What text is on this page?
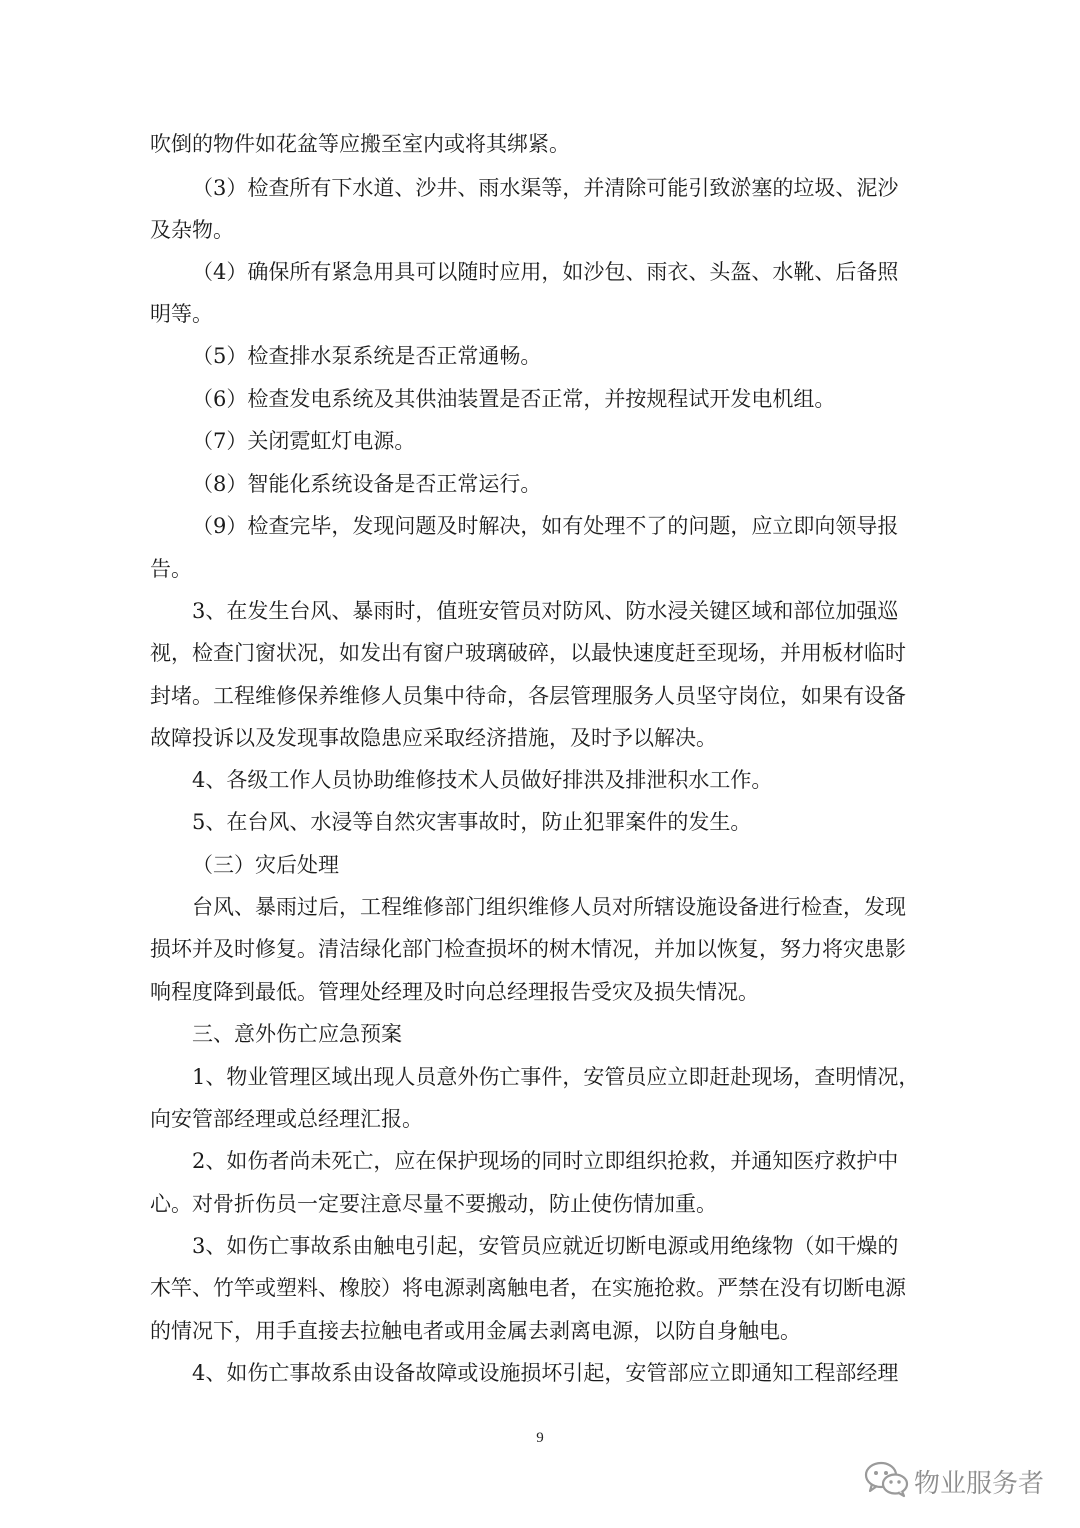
吹倒的物件如花盆等应搬至室内或将其绑紧。
（3）检查所有下水道、沙井、雨水渠等，并清除可能引致淤塞的垃圾、泥沙
及杂物。
（4）确保所有紧急用具可以随时应用，如沙包、雨衣、头盔、水靴、后备照
明等。
（5）检查排水泵系统是否正常通畅。
（6）检查发电系统及其供油装置是否正常，并按规程试开发电机组。
（7）关闭霓虹灯电源。
（8）智能化系统设备是否正常运行。
（9）检查完毕，发现问题及时解决，如有处理不了的问题，应立即向领导报
告。
3、在发生台风、暴雨时，值班安管员对防风、防水浸关键区域和部位加强巡
视，检查门窗状况，如发出有窗户玻璃破碎，以最快速度赶至现场，并用板材临时
封堵。工程维修保养维修人员集中待命，各层管理服务人员坚守岗位，如果有设备
故障投诉以及发现事故隐患应采取经济措施，及时予以解决。
4、各级工作人员协助维修技术人员做好排洪及排泄积水工作。
5、在台风、水浸等自然灾害事故时，防止犯罪案件的发生。
（三）灾后处理
台风、暴雨过后，工程维修部门组织维修人员对所辖设施设备进行检查，发现
损坏并及时修复。清洁绿化部门检查损坏的树木情况，并加以恢复，努力将灾患影
响程度降到最低。管理处经理及时向总经理报告受灾及损失情况。
三、意外伤亡应急预案
1、物业管理区域出现人员意外伤亡事件，安管员应立即赶赴现场，查明情况，
向安管部经理或总经理汇报。
2、如伤者尚未死亡，应在保护现场的同时立即组织抢救，并通知医疗救护中
心。对骨折伤员一定要注意尽量不要搬动，防止使伤情加重。
3、如伤亡事故系由触电引起，安管员应就近切断电源或用绝缘物（如干燥的
木竿、竹竿或塑料、橡胶）将电源剥离触电者，在实施抢救。严禁在没有切断电源
的情况下，用手直接去拉触电者或用金属去剥离电源，以防自身触电。
4、如伤亡事故系由设备故障或设施损坏引起，安管部应立即通知工程部经理
9
物业服务者
